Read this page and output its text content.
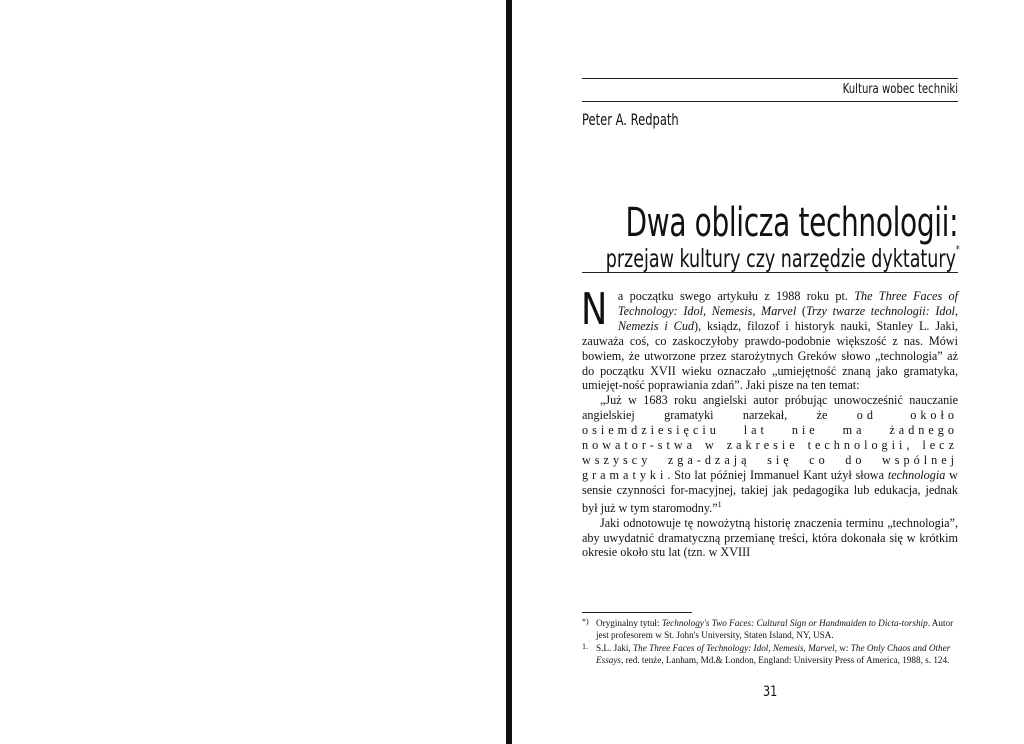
Kultura wobec techniki
Peter A. Redpath
Dwa oblicza technologii:
przejaw kultury czy narzędzie dyktatury*

Na początku swego artykułu z 1988 roku pt. The Three Faces of Technology: Idol, Nemesis, Marvel (Trzy twarze technologii: Idol, Nemezis i Cud), ksiądz, filozof i historyk nauki, Stanley L. Jaki, zauważa coś, co zaskoczyłoby prawdo-podobnie większość z nas. Mówi bowiem, że utworzone przez starożytnych Greków słowo „technologia” aż do początku XVII wieku oznaczało „umiejętność znaną jako gramatyka, umiejęt-ność poprawiania zdań”. Jaki pisze na ten temat:

„Już w 1683 roku angielski autor próbując unowocześnić nauczanie angielskiej gramatyki narzekał, że od około osiemdziesięciu lat nie ma żadnego nowator-stwa w zakresie technologii, lecz wszyscy zga-dzają się co do wspólnej gramatyki. Sto lat później Immanuel Kant użył słowa technologia w sensie czynności for-macyjnej, takiej jak pedagogika lub edukacja, jednak był już w tym staromodny.”$^1$

Jaki odnotowuje tę nowożytną historię znaczenia terminu „technologia”, aby uwydatnić dramatyczną przemianę treści, która dokonała się w krótkim okresie około stu lat (tzn. w XVIII

*) Oryginalny tytuł: Technology's Two Faces: Cultural Sign or Handmaiden to Dicta-torship. Autor jest profesorem w St. John's University, Staten Island, NY, USA.
1. S.L. Jaki, The Three Faces of Technology: Idol, Nemesis, Marvel, w: The Only Chaos and Other Essays, red. tenże, Lanham, Md.& London, England: University Press of America, 1988, s. 124.
31
